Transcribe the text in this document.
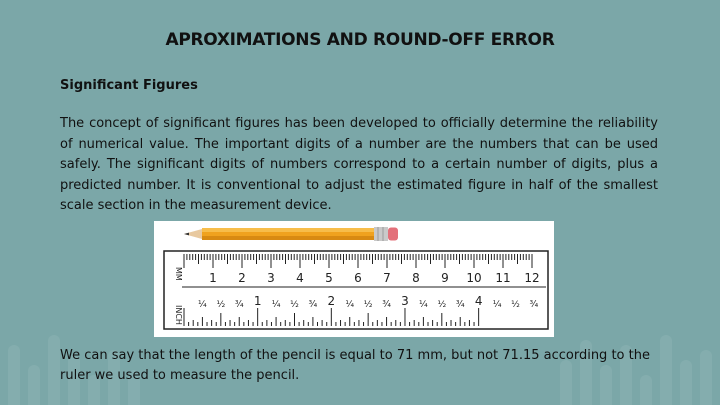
APROXIMATIONS AND ROUND-OFF ERROR
Significant Figures

The concept of significant figures has been developed to officially determine the reliability of numerical value. The important digits of a number are the numbers that can be used safely. The significant digits of numbers correspond to a certain number of digits, plus a predicted number. It is conventional to adjust the estimated figure in half of the smallest scale section in the measurement device.

1 2 3 4 5 6 7 8 9 10 11 12
1	2	3	4
¼ ½ ¾	¼ ½ ¾	¼ ½ ¾	¼ ½ ¾	¼ ½ ¾
MM
INCH

We can say that the length of the pencil is equal to 71 mm, but not 71.15 according to the ruler we used to measure the pencil.
